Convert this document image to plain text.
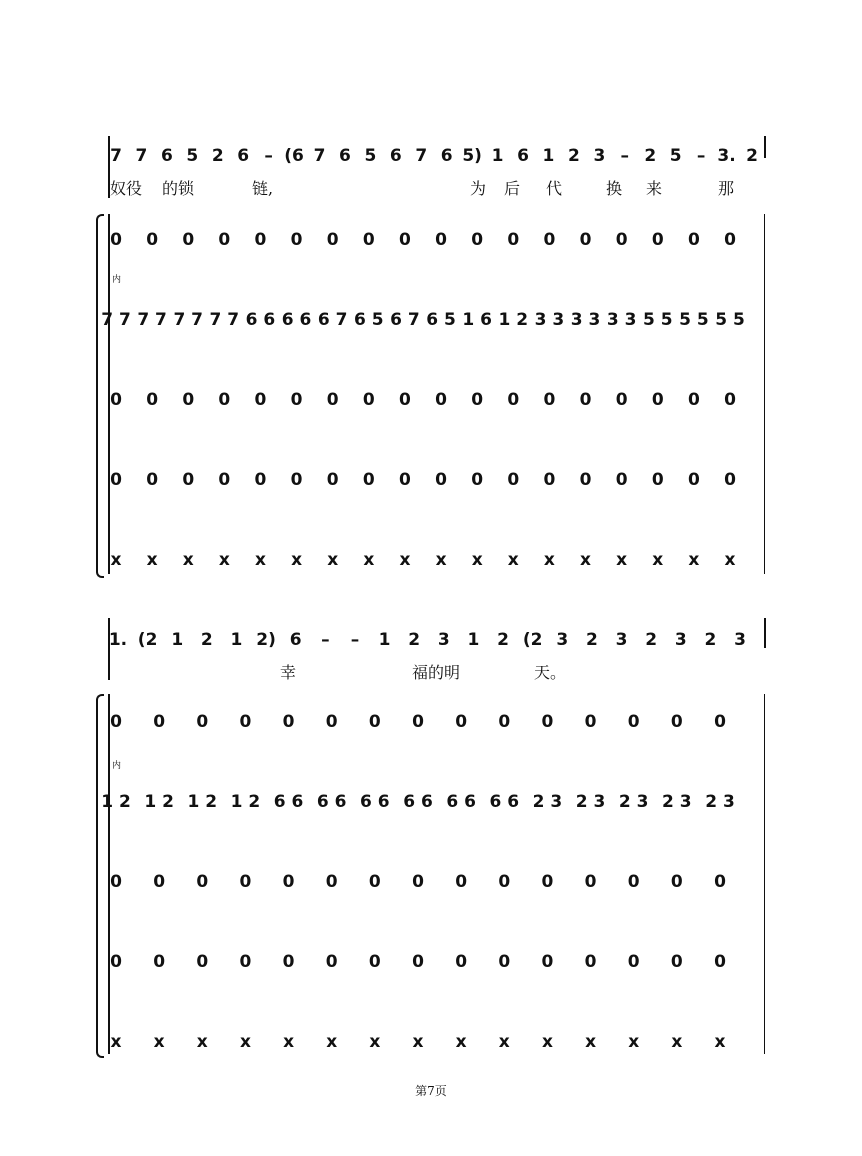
7 7 6 5 2 6 – (6 7 6 5 6 7 6 5) 1 6 1 2 3 – 2 5 – 3. 2
奴役 的锁	链,	为 后 代	换 来	那
0	0	0	0	0	0	0	0	0	0	0	0	0	0	0	0	0	0
内
7 7 7 7 7 7 7 7 6 6 6 6 6 7 6 5 6 7 6 5 1 6 1 2 3 3 3 3 3 3 5 5 5 5 5 5
0	0	0	0	0	0	0	0	0	0	0	0	0	0	0	0	0	0
0	0	0	0	0	0	0	0	0	0	0	0	0	0	0	0	0	0
x	x	x	x	x	x	x	x	x	x	x	x	x	x	x	x	x	x
1. (2 1	2	1 2) 6	–	–	1	2	3	1	2 (2 3	2	3	2	3	2	3
幸	福的明	天。
0	0	0	0	0	0	0	0	0	0	0	0	0	0	0
内
1 2 1 2 1 2 1 2 6 6 6 6 6 6 6 6 6 6 6 6 2 3 2 3 2 3 2 3 2 3
0	0	0	0	0	0	0	0	0	0	0	0	0	0	0
0	0	0	0	0	0	0	0	0	0	0	0	0	0	0
x	x	x	x	x	x	x	x	x	x	x	x	x	x	x
第7页
